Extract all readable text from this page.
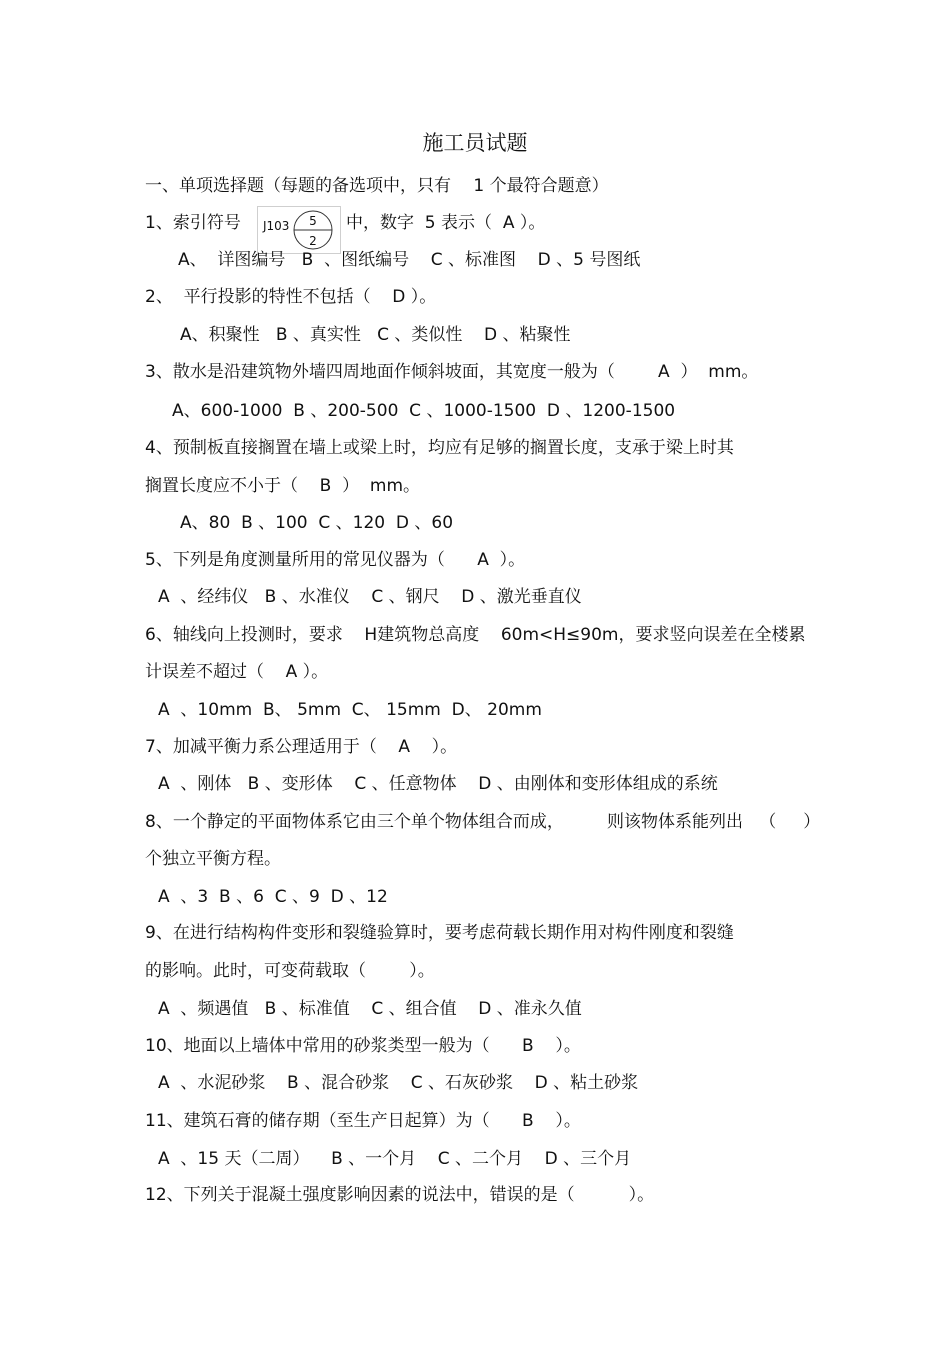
施工员试题
一、单项选择题（每题的备选项中，只有　 1 个最符合题意）
1、索引符号 J103 5
2
中，数字  5 表示（  A ）。
A、  详图编号   B  、图纸编号    C 、标准图    D 、5 号图纸
2、  平行投影的特性不包括（    D ）。
A、积聚性   B 、真实性   C 、类似性    D 、粘聚性
3、散水是沿建筑物外墙四周地面作倾斜坡面，其宽度一般为（        A  ）  mm。
A、600-1000  B 、200-500  C 、1000-1500  D 、1200-1500
4、预制板直接搁置在墙上或梁上时，均应有足够的搁置长度，支承于梁上时其
搁置长度应不小于（    B  ）  mm。
A、80  B 、100  C 、120  D 、60
5、下列是角度测量所用的常见仪器为（      A  ）。
A  、经纬仪   B 、水准仪    C 、钢尺    D 、激光垂直仪
6、轴线向上投测时，要求    H建筑物总高度    60m<H≤90m，要求竖向误差在全楼累
计误差不超过（    A ）。
A  、10mm  B、 5mm  C、 15mm  D、 20mm
7、加减平衡力系公理适用于（    A    ）。
A  、刚体   B 、变形体    C 、任意物体    D 、由刚体和变形体组成的系统
8、一个静定的平面物体系它由三个单个物体组合而成，        则该物体系能列出   （     ）
个独立平衡方程。
A  、3  B 、6  C 、9  D 、12
9、在进行结构构件变形和裂缝验算时，要考虑荷载长期作用对构件刚度和裂缝
的影响。此时，可变荷载取（        ）。
A  、频遇值   B 、标准值    C 、组合值    D 、准永久值
10、地面以上墙体中常用的砂浆类型一般为（      B    ）。
A  、水泥砂浆    B 、混合砂浆    C 、石灰砂浆    D 、粘土砂浆
11、建筑石膏的储存期（至生产日起算）为（      B    ）。
A  、15 天（二周）    B 、一个月    C 、二个月    D 、三个月
12、下列关于混凝土强度影响因素的说法中，错误的是（          ）。
